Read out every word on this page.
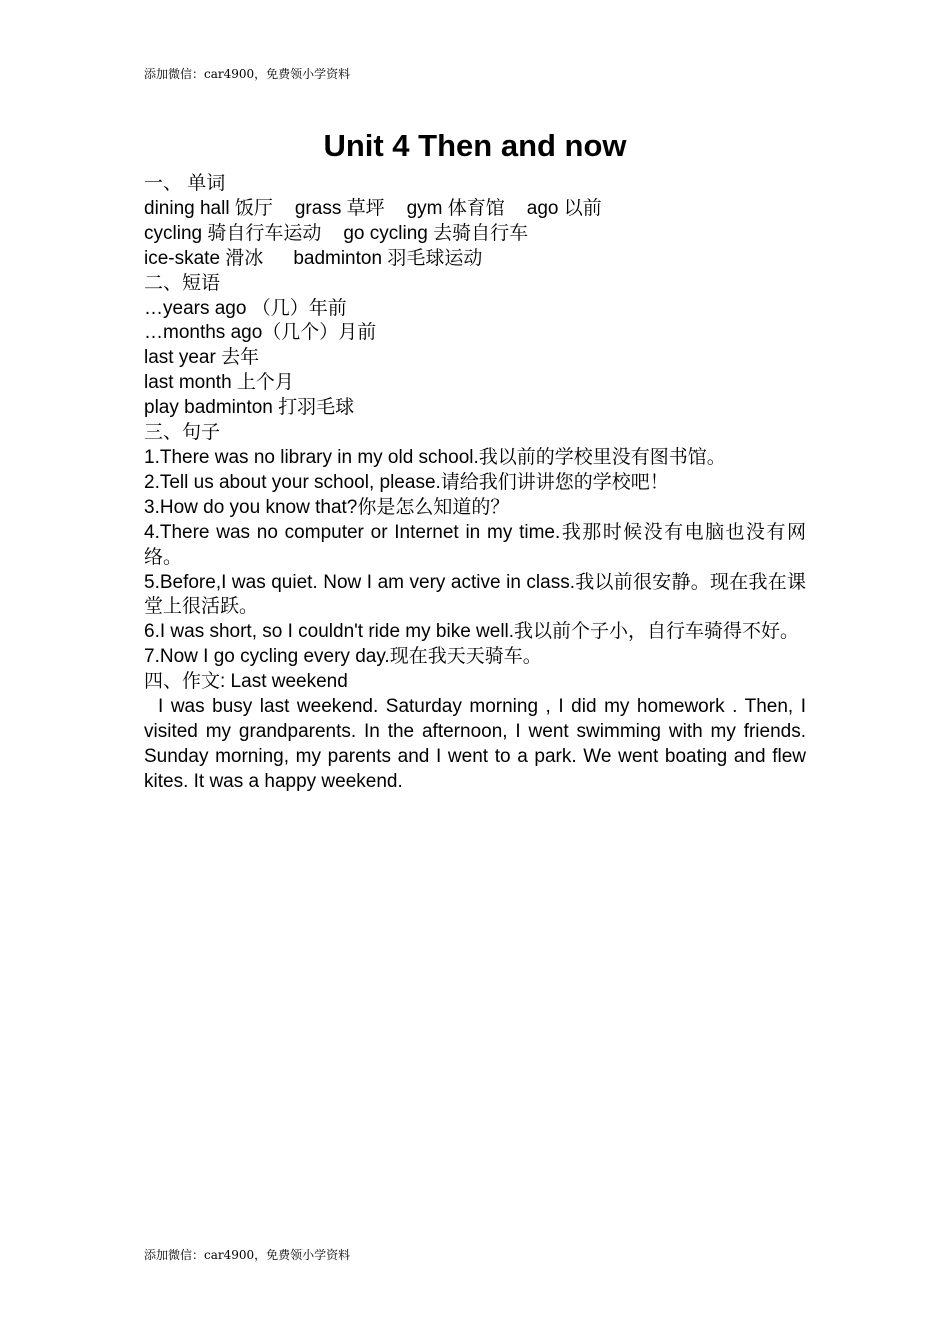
添加微信：car4900，免费领小学资料
Unit 4 Then and now
一、 单词
dining hall 饭厅 grass 草坪 gym 体育馆 ago 以前
cycling 骑自行车运动 go cycling 去骑自行车
ice-skate 滑冰 badminton 羽毛球运动
二、短语
…years ago （几）年前
…months ago（几个）月前
last year 去年
last month 上个月
play badminton 打羽毛球
三、句子
1.There was no library in my old school.我以前的学校里没有图书馆。
2.Tell us about your school, please.请给我们讲讲您的学校吧！
3.How do you know that?你是怎么知道的？
4.There was no computer or Internet in my time.我那时候没有电脑也没有网络。
5.Before,I was quiet. Now I am very active in class.我以前很安静。现在我在课堂上很活跃。
6.I was short, so I couldn't ride my bike well.我以前个子小，自行车骑得不好。
7.Now I go cycling every day.现在我天天骑车。
四、作文: Last weekend
I was busy last weekend. Saturday morning , I did my homework . Then, I visited my grandparents. In the afternoon, I went swimming with my friends. Sunday morning, my parents and I went to a park. We went boating and flew kites. It was a happy weekend.
添加微信：car4900，免费领小学资料
